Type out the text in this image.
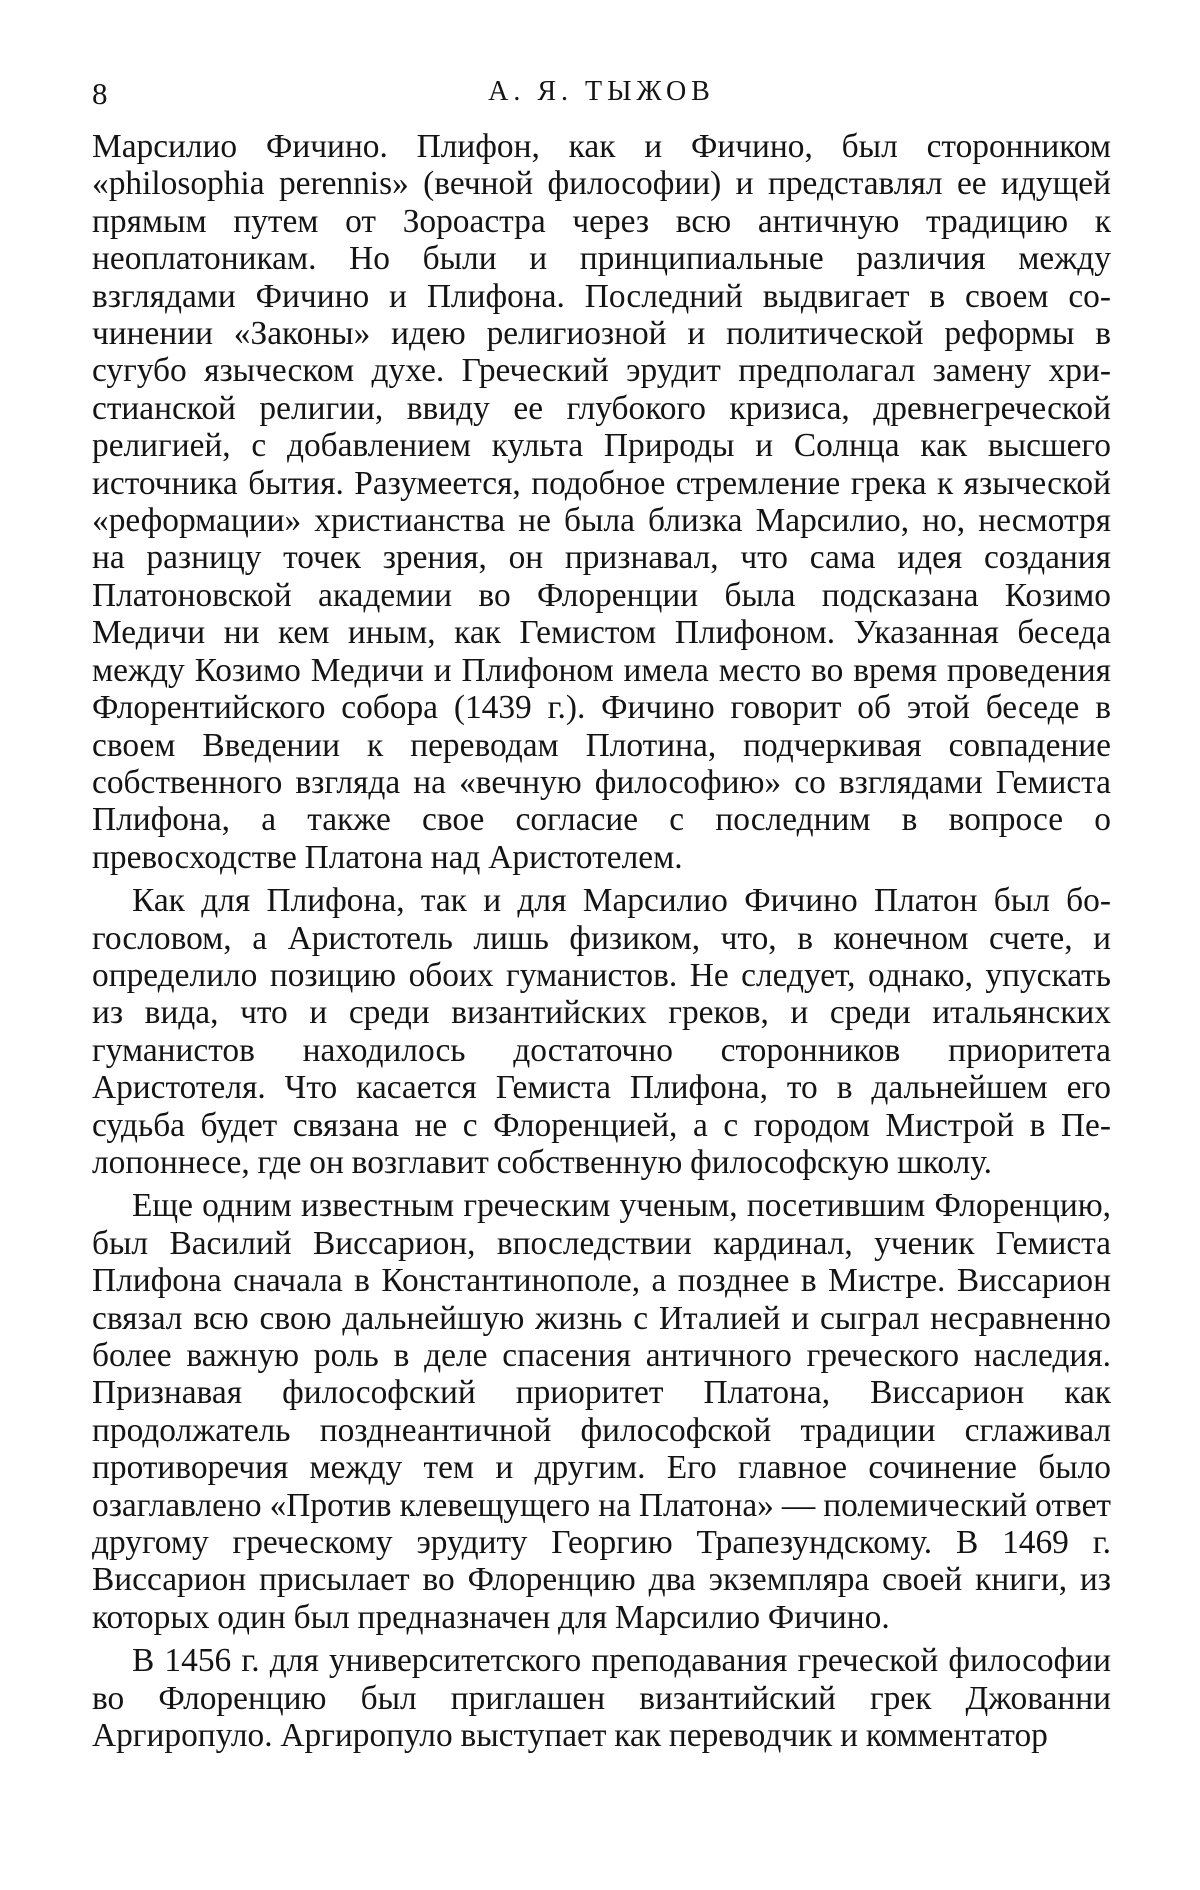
8	А. Я. ТЫЖОВ

Марсилио Фичино. Плифон, как и Фичино, был сторонником «philosophia perennis» (вечной философии) и представлял ее идущей прямым путем от Зороастра через всю античную традицию к неоплатоникам. Но были и принципиальные различия между взглядами Фичино и Плифона. Последний выдвигает в своем сочинении «Законы» идею религиозной и политической реформы в сугубо языческом духе. Греческий эрудит предполагал замену христианской религии, ввиду ее глубокого кризиса, древнегреческой религией, с добавлением культа Природы и Солнца как высшего источника бытия. Разумеется, подобное стремление грека к языческой «реформации» христианства не была близка Марсилио, но, несмотря на разницу точек зрения, он признавал, что сама идея создания Платоновской академии во Флоренции была подсказана Козимо Медичи ни кем иным, как Гемистом Плифоном. Указанная беседа между Козимо Медичи и Плифоном имела место во время проведения Флорентийского собора (1439 г.). Фичино говорит об этой беседе в своем Введении к переводам Плотина, подчеркивая совпадение собственного взгляда на «вечную философию» со взглядами Гемиста Плифона, а также свое согласие с последним в вопросе о превосходстве Платона над Аристотелем.

Как для Плифона, так и для Марсилио Фичино Платон был богословом, а Аристотель лишь физиком, что, в конечном счете, и определило позицию обоих гуманистов. Не следует, однако, упускать из вида, что и среди византийских греков, и среди итальянских гуманистов находилось достаточно сторонников приоритета Аристотеля. Что касается Гемиста Плифона, то в дальнейшем его судьба будет связана не с Флоренцией, а с городом Мистрой в Пелопоннесе, где он возглавит собственную философскую школу.

Еще одним известным греческим ученым, посетившим Флоренцию, был Василий Виссарион, впоследствии кардинал, ученик Гемиста Плифона сначала в Константинополе, а позднее в Мистре. Виссарион связал всю свою дальнейшую жизнь с Италией и сыграл несравненно более важную роль в деле спасения античного греческого наследия. Признавая философский приоритет Платона, Виссарион как продолжатель позднеантичной философской традиции сглаживал противоречия между тем и другим. Его главное сочинение было озаглавлено «Против клевещущего на Платона» — полемический ответ другому греческому эрудиту Георгию Трапезундскому. В 1469 г. Виссарион присылает во Флоренцию два экземпляра своей книги, из которых один был предназначен для Марсилио Фичино.

В 1456 г. для университетского преподавания греческой философии во Флоренцию был приглашен византийский грек Джованни Аргиропуло. Аргиропуло выступает как переводчик и комментатор
